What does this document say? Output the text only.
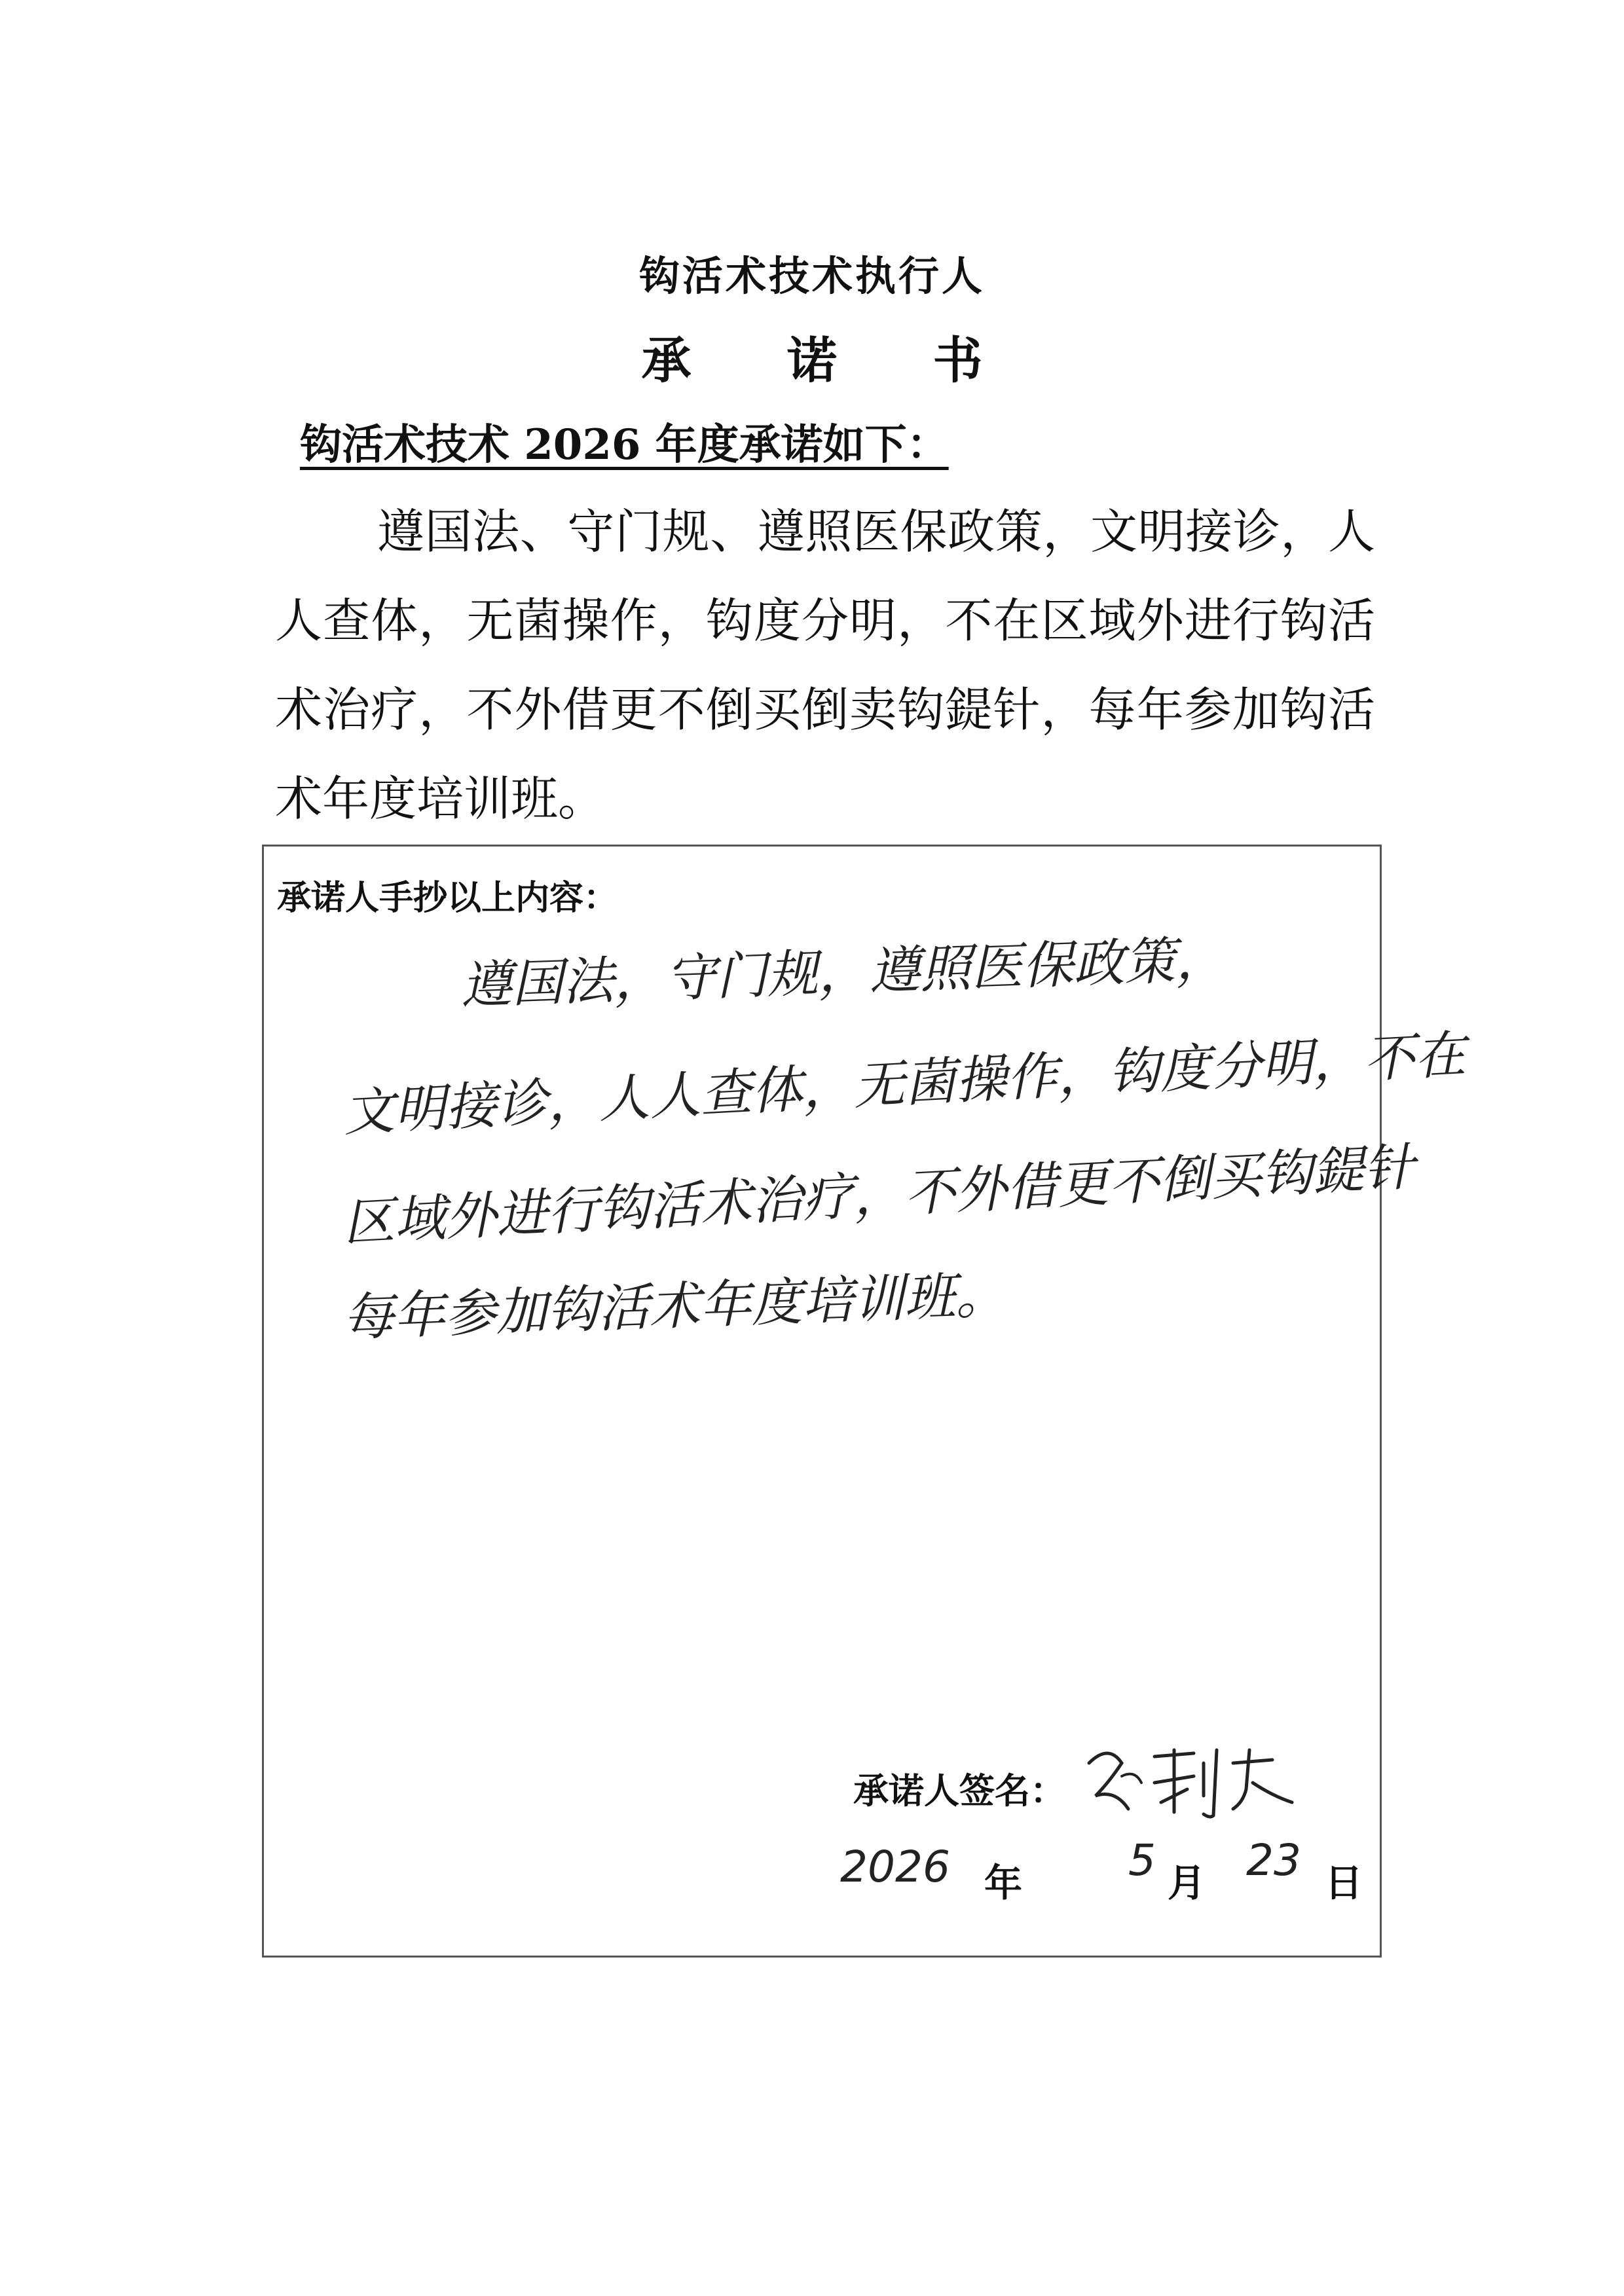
钩活术技术执行人
承 诺 书
钩活术技术 2026 年度承诺如下：
遵国法、守门规、遵照医保政策，文明接诊，人人查体，无菌操作，钩度分明，不在区域外进行钩活术治疗，不外借更不倒买倒卖钩鍉针，每年参加钩活术年度培训班。
承诺人手抄以上内容：
遵国法，守门规，遵照医保政策，
文明接诊，人人查体，无菌操作，钩度分明，不在
区域外进行钩活术治疗，不外借更不倒买钩鍉针
每年参加钩活术年度培训班。
承诺人签名：
2026 年 5 月 23 日
